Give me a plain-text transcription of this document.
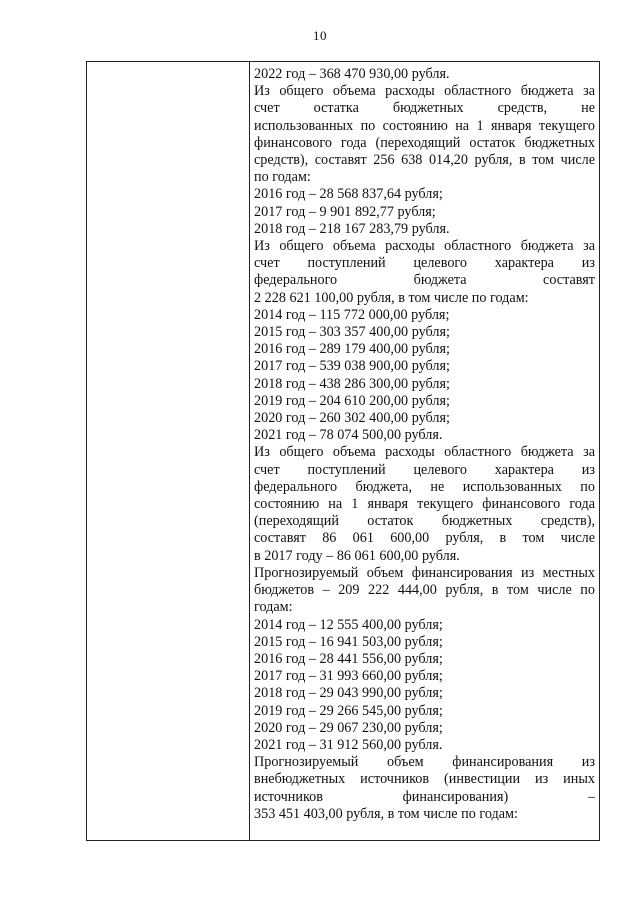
10
2022 год – 368 470 930,00 рубля.
Из общего объема расходы областного бюджета за
счет остатка бюджетных средств, не
использованных по состоянию на 1 января текущего
финансового года (переходящий остаток бюджетных
средств), составят 256 638 014,20 рубля, в том числе
по годам:
2016 год – 28 568 837,64 рубля;
2017 год – 9 901 892,77 рубля;
2018 год – 218 167 283,79 рубля.
Из общего объема расходы областного бюджета за
счет поступлений целевого характера из
федерального бюджета составят
2 228 621 100,00 рубля, в том числе по годам:
2014 год – 115 772 000,00 рубля;
2015 год – 303 357 400,00 рубля;
2016 год – 289 179 400,00 рубля;
2017 год – 539 038 900,00 рубля;
2018 год – 438 286 300,00 рубля;
2019 год – 204 610 200,00 рубля;
2020 год – 260 302 400,00 рубля;
2021 год – 78 074 500,00 рубля.
Из общего объема расходы областного бюджета за
счет поступлений целевого характера из
федерального бюджета, не использованных по
состоянию на 1 января текущего финансового года
(переходящий остаток бюджетных средств),
составят 86 061 600,00 рубля, в том числе
в 2017 году – 86 061 600,00 рубля.
Прогнозируемый объем финансирования из местных
бюджетов – 209 222 444,00 рубля, в том числе по
годам:
2014 год – 12 555 400,00 рубля;
2015 год – 16 941 503,00 рубля;
2016 год – 28 441 556,00 рубля;
2017 год – 31 993 660,00 рубля;
2018 год – 29 043 990,00 рубля;
2019 год – 29 266 545,00 рубля;
2020 год – 29 067 230,00 рубля;
2021 год – 31 912 560,00 рубля.
Прогнозируемый объем финансирования из
внебюджетных источников (инвестиции из иных
источников финансирования) –
353 451 403,00 рубля, в том числе по годам:
